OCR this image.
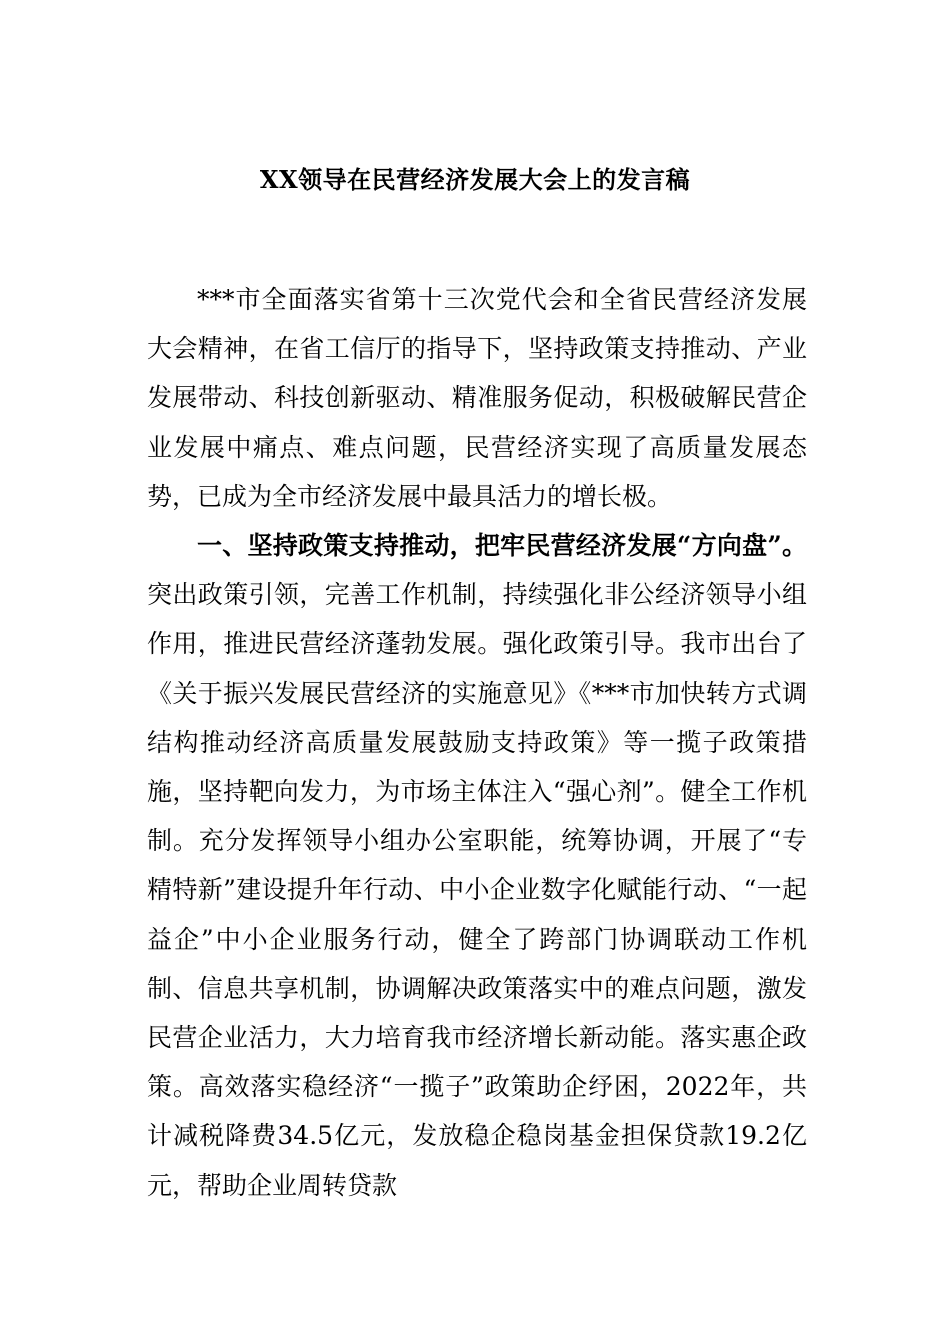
XX领导在民营经济发展大会上的发言稿

***市全面落实省第十三次党代会和全省民营经济发展大会精神，在省工信厅的指导下，坚持政策支持推动、产业发展带动、科技创新驱动、精准服务促动，积极破解民营企业发展中痛点、难点问题，民营经济实现了高质量发展态势，已成为全市经济发展中最具活力的增长极。

一、坚持政策支持推动，把牢民营经济发展“方向盘”。突出政策引领，完善工作机制，持续强化非公经济领导小组作用，推进民营经济蓬勃发展。强化政策引导。我市出台了《关于振兴发展民营经济的实施意见》《***市加快转方式调结构推动经济高质量发展鼓励支持政策》等一揽子政策措施，坚持靶向发力，为市场主体注入“强心剂”。健全工作机制。充分发挥领导小组办公室职能，统筹协调，开展了“专精特新”建设提升年行动、中小企业数字化赋能行动、“一起益企”中小企业服务行动，健全了跨部门协调联动工作机制、信息共享机制，协调解决政策落实中的难点问题，激发民营企业活力，大力培育我市经济增长新动能。落实惠企政策。高效落实稳经济“一揽子”政策助企纾困，2022年，共计减税降费34.5亿元，发放稳企稳岗基金担保贷款19.2亿元，帮助企业周转贷款
